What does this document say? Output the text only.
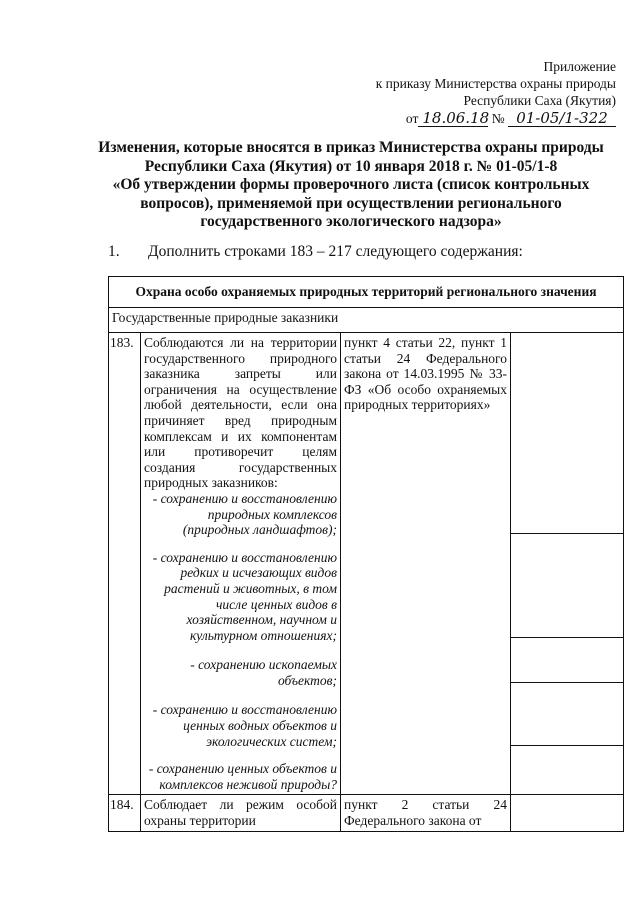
Приложение
к приказу Министерства охраны природы
Республики Саха (Якутия)
от 18.06.18 № 01-05/1-322
Изменения, которые вносятся в приказ Министерства охраны природы
Республики Саха (Якутия) от 10 января 2018 г. № 01-05/1-8
«Об утверждении формы проверочного листа (список контрольных
вопросов), применяемой при осуществлении регионального
государственного экологического надзора»
1. Дополнить строками 183 – 217 следующего содержания:
Охрана особо охраняемых природных территорий регионального значения
Государственные природные заказники
183.	Соблюдаются ли на территории государственного природного заказника запреты или ограничения на осуществление любой деятельности, если она причиняет вред природным комплексам и их компонентам или противоречит целям создания государственных природных заказников:
- сохранению и восстановлению природных комплексов (природных ландшафтов);
- сохранению и восстановлению редких и исчезающих видов растений и животных, в том числе ценных видов в хозяйственном, научном и культурном отношениях;
- сохранению ископаемых объектов;
- сохранению и восстановлению ценных водных объектов и экологических систем;
- сохранению ценных объектов и комплексов неживой природы?
	пункт 4 статьи 22, пункт 1 статьи 24 Федерального закона от 14.03.1995 № 33-ФЗ «Об особо охраняемых природных территориях»	

184.	Соблюдает ли режим особой охраны территории	пункт 2 статьи 24 Федерального закона от	
